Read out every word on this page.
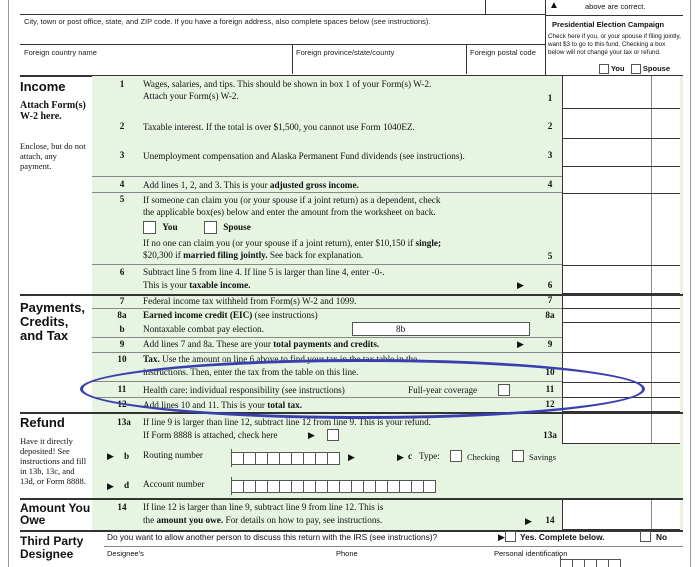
City, town or post office, state, and ZIP code. If you have a foreign address, also complete spaces below (see instructions).
Foreign country name	Foreign province/state/county	Foreign postal code
▲	above are correct.
Presidential Election Campaign
Check here if you, or your spouse if filing jointly, want $3 to go to this fund. Checking a box below will not change your tax or refund.
You Spouse
Income
Attach Form(s) W-2 here.
Enclose, but do not attach, any payment.
1	Wages, salaries, and tips. This should be shown in box 1 of your Form(s) W-2.
Attach your Form(s) W-2.	1
2	Taxable interest. If the total is over $1,500, you cannot use Form 1040EZ.	2
3	Unemployment compensation and Alaska Permanent Fund dividends (see instructions).	3
4	Add lines 1, 2, and 3. This is your adjusted gross income.	4
5	If someone can claim you (or your spouse if a joint return) as a dependent, check
the applicable box(es) below and enter the amount from the worksheet on back.
You	Spouse
If no one can claim you (or your spouse if a joint return), enter $10,150 if single;
$20,300 if married filing jointly. See back for explanation.	5
6	Subtract line 5 from line 4. If line 5 is larger than line 4, enter -0-.
This is your taxable income.	▶	6
Payments, Credits, and Tax
7	Federal income tax withheld from Form(s) W-2 and 1099.	7
8a	Earned income credit (EIC) (see instructions)	8a
b	Nontaxable combat pay election.	8b
9	Add lines 7 and 8a. These are your total payments and credits.	▶	9
10	Tax. Use the amount on line 6 above to find your tax in the tax table in the
instructions. Then, enter the tax from the table on this line.	10
11	Health care: individual responsibility (see instructions)	Full-year coverage	11
12	Add lines 10 and 11. This is your total tax.	12
Refund
Have it directly deposited! See instructions and fill in 13b, 13c, and 13d, or Form 8888.
13a	If line 9 is larger than line 12, subtract line 12 from line 9. This is your refund.
If Form 8888 is attached, check here	▶	13a
▶ b Routing number	▶	c
▶ Type:	Checking	Savings
▶ d Account number
Amount You Owe
14	If line 12 is larger than line 9, subtract line 9 from line 12. This is
the amount you owe. For details on how to pay, see instructions.	▶	14
Third Party Designee
Do you want to allow another person to discuss this return with the IRS (see instructions)?	▶ Yes. Complete below.	No
Designee's	Phone	Personal identification
